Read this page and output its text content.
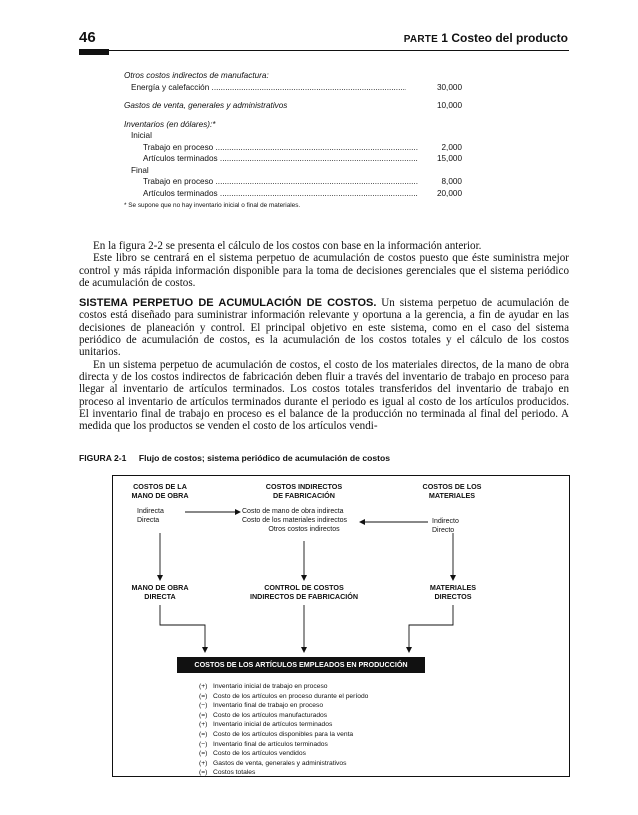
46	PARTE 1 Costeo del producto
Otros costos indirectos de manufactura:
Energía y calefacción .....	30,000
Gastos de venta, generales y administrativos	10,000
Inventarios (en dólares):*
Inicial
Trabajo en proceso .....	2,000
Artículos terminados .....	15,000
Final
Trabajo en proceso .....	8,000
Artículos terminados .....	20,000
* Se supone que no hay inventario inicial o final de materiales.

En la figura 2-2 se presenta el cálculo de los costos con base en la información anterior.

Este libro se centrará en el sistema perpetuo de acumulación de costos puesto que éste suministra mejor control y más rápida información disponible para la toma de decisiones gerenciales que el sistema periódico de acumulación de costos.

SISTEMA PERPETUO DE ACUMULACIÓN DE COSTOS. Un sistema perpetuo de acumulación de costos está diseñado para suministrar información relevante y oportuna a la gerencia, a fin de ayudar en las decisiones de planeación y control. El principal objetivo en este sistema, como en el caso del sistema periódico de acumulación de costos, es la acumulación de los costos totales y el cálculo de los costos unitarios.

En un sistema perpetuo de acumulación de costos, el costo de los materiales directos, de la mano de obra directa y de los costos indirectos de fabricación deben fluir a través del inventario de trabajo en proceso para llegar al inventario de artículos terminados. Los costos totales transferidos del inventario de trabajo en proceso al inventario de artículos terminados durante el periodo es igual al costo de los artículos producidos. El inventario final de trabajo en proceso es el balance de la producción no terminada al final del periodo. A medida que los productos se venden el costo de los artículos vendi-

FIGURA 2-1 Flujo de costos; sistema periódico de acumulación de costos
COSTOS DE LA
MANO DE OBRA
Indirecta
Directa
COSTOS INDIRECTOS
DE FABRICACIÓN
Costo de mano de obra indirecta
Costo de los materiales indirectos
Otros costos indirectos
COSTOS DE LOS
MATERIALES
Indirecto
Directo
MANO DE OBRA
DIRECTA
CONTROL DE COSTOS
INDIRECTOS DE FABRICACIÓN
MATERIALES
DIRECTOS
COSTOS DE LOS ARTÍCULOS EMPLEADOS EN PRODUCCIÓN
(+) Inventario inicial de trabajo en proceso
(=) Costo de los artículos en proceso durante el período
(−) Inventario final de trabajo en proceso
(=) Costo de los artículos manufacturados
(+) Inventario inicial de artículos terminados
(=) Costo de los artículos disponibles para la venta
(−) Inventario final de artículos terminados
(=) Costo de los artículos vendidos
(+) Gastos de venta, generales y administrativos
(=) Costos totales
